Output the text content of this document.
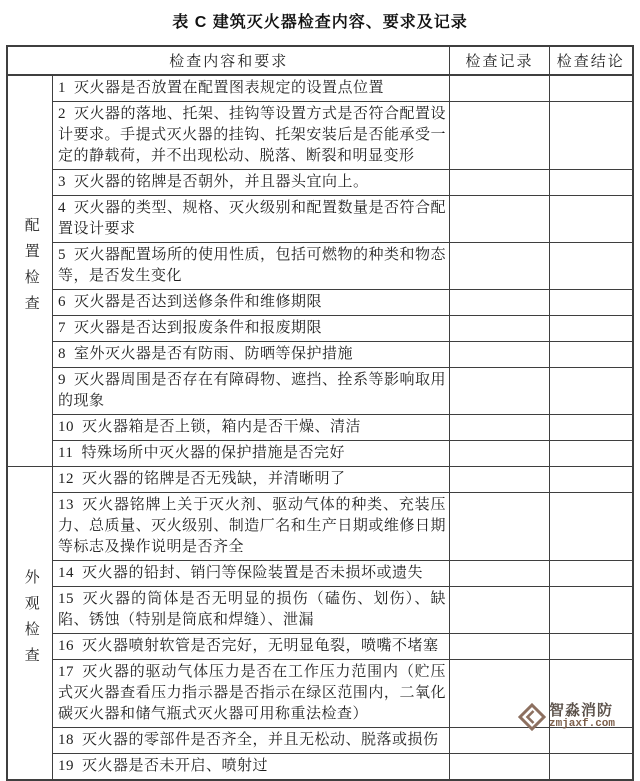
表 C 建筑灭火器检查内容、要求及记录
检查内容和要求		检查记录	检查结论
配置检查	1 灭火器是否放置在配置图表规定的设置点位置		
	2 灭火器的落地、托架、挂钩等设置方式是否符合配置设计要求。手提式灭火器的挂钩、托架安装后是否能承受一定的静载荷，并不出现松动、脱落、断裂和明显变形		
	3 灭火器的铭牌是否朝外，并且器头宜向上。		
	4 灭火器的类型、规格、灭火级别和配置数量是否符合配置设计要求		
	5 灭火器配置场所的使用性质，包括可燃物的种类和物态等，是否发生变化		
	6 灭火器是否达到送修条件和维修期限		
	7 灭火器是否达到报废条件和报废期限		
	8 室外灭火器是否有防雨、防晒等保护措施		
	9 灭火器周围是否存在有障碍物、遮挡、拴系等影响取用的现象		
	10 灭火器箱是否上锁，箱内是否干燥、清洁		
	11 特殊场所中灭火器的保护措施是否完好		
外观检查	12 灭火器的铭牌是否无残缺，并清晰明了		
	13 灭火器铭牌上关于灭火剂、驱动气体的种类、充装压力、总质量、灭火级别、制造厂名和生产日期或维修日期等标志及操作说明是否齐全		
	14 灭火器的铅封、销闩等保险装置是否未损坏或遗失		
	15 灭火器的筒体是否无明显的损伤（磕伤、划伤）、缺陷、锈蚀（特别是筒底和焊缝）、泄漏		
	16 灭火器喷射软管是否完好，无明显龟裂，喷嘴不堵塞		
	17 灭火器的驱动气体压力是否在工作压力范围内（贮压式灭火器查看压力指示器是否指示在绿区范围内，二氧化碳灭火器和储气瓶式灭火器可用称重法检查）		
	18 灭火器的零部件是否齐全，并且无松动、脱落或损伤		
	19 灭火器是否未开启、喷射过		
智淼消防
zmjaxf.com
